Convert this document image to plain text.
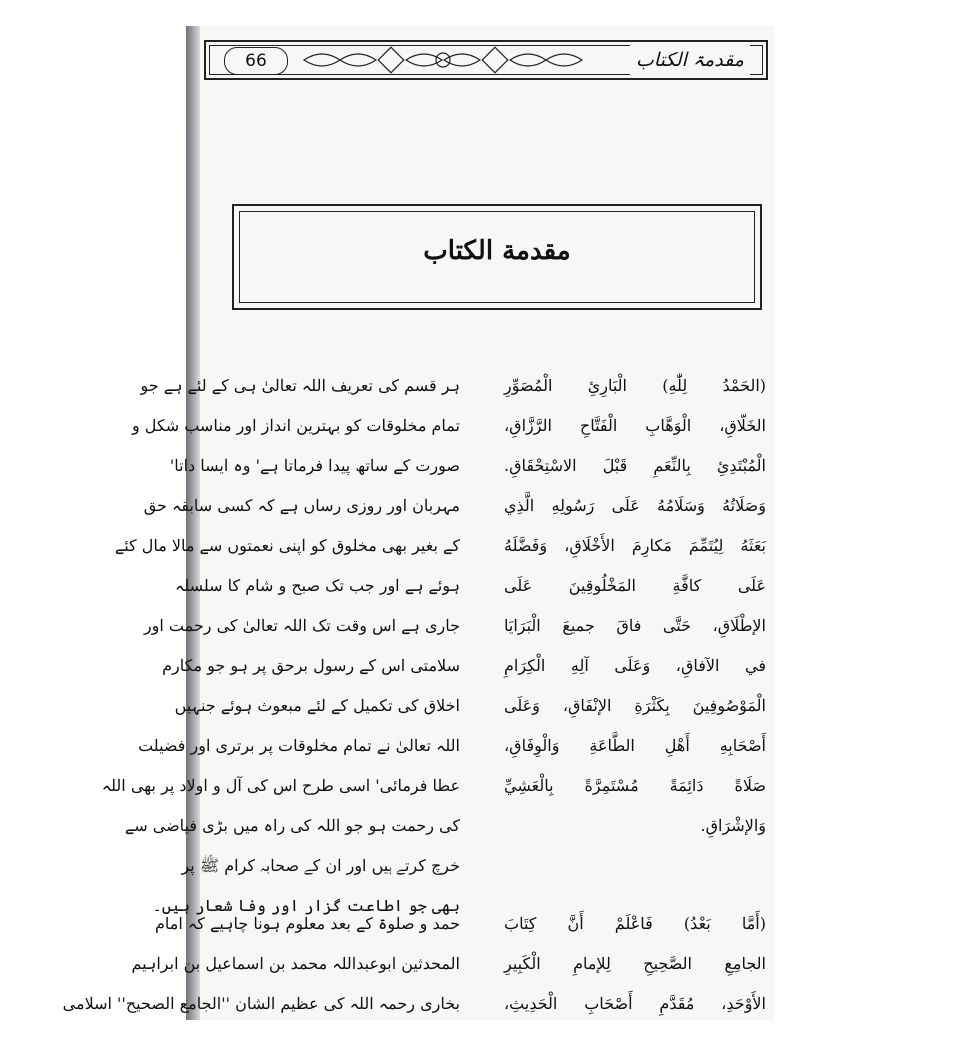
66	مقدمۃ الکتاب
مقدمة الكتاب
(الحَمْدُ لِلّٰهِ) الْبَارِئِ الْمُصَوِّرِ
الخَلّاقِ، الْوَهَّابِ الْفَتَّاحِ الرَّزَّاقِ،
الْمُبْتَدِئِ بِالنِّعَمِ قَبْلَ الاسْتِحْقَاقِ.
وَصَلَاتُهُ وَسَلَامُهُ عَلَى رَسُولِهِ الَّذِي
بَعَثَهُ لِيُتَمِّمَ مَكارِمَ الأَخْلَاقِ، وَفَضَّلَهُ
عَلَى كافَّةِ المَخْلُوقِينَ عَلَى
الإطْلَاقِ، حَتَّى فاقَ جميعَ الْبَرَايَا
في الآفاقِ، وَعَلَى آلِهِ الْكِرَامِ
الْمَوْصُوفِينَ بِكَثْرَةِ الإنْفَاقِ، وَعَلَى
أَصْحَابِهِ أَهْلِ الطَّاعَةِ وَالْوِفَاقِ،
صَلَاةً دَائِمَةً مُسْتَمِرَّةً بِالْعَشِيِّ
وَالإشْرَاقِ.
ہر قسم کی تعریف اللہ تعالیٰ ہی کے لئے ہے جو
تمام مخلوقات کو بہترین انداز اور مناسب شکل و
صورت کے ساتھ پیدا فرماتا ہے' وہ ایسا داتا'
مہربان اور روزی رساں ہے کہ کسی سابقہ حق
کے بغیر بھی مخلوق کو اپنی نعمتوں سے مالا مال کئے
ہوئے ہے اور جب تک صبح و شام کا سلسلہ
جاری ہے اس وقت تک اللہ تعالیٰ کی رحمت اور
سلامتی اس کے رسول برحق پر ہو جو مکارم
اخلاق کی تکمیل کے لئے مبعوث ہوئے جنہیں
اللہ تعالیٰ نے تمام مخلوقات پر برتری اور فضیلت
عطا فرمائی' اسی طرح اس کی آل و اولاد پر بھی اللہ
کی رحمت ہو جو اللہ کی راہ میں بڑی فیاضی سے
خرچ کرتے ہیں اور ان کے صحابہ کرام ﷺ پر
بھی جو اطاعت گزار اور وفا شعار ہیں۔
(أَمَّا بَعْدُ) فَاعْلَمْ أَنَّ كِتَابَ
الجامِعِ الصَّحِيحِ لِلإمامِ الْكَبِيرِ
الأَوْحَدِ، مُقَدَّمِ أَصْحَابِ الْحَدِيثِ،
حمد و صلوۃ کے بعد معلوم ہونا چاہیے کہ امام
المحدثین ابوعبداللہ محمد بن اسماعیل بن ابراہیم
بخاری رحمہ اللہ کی عظیم الشان ''الجامع الصحیح'' اسلامی
